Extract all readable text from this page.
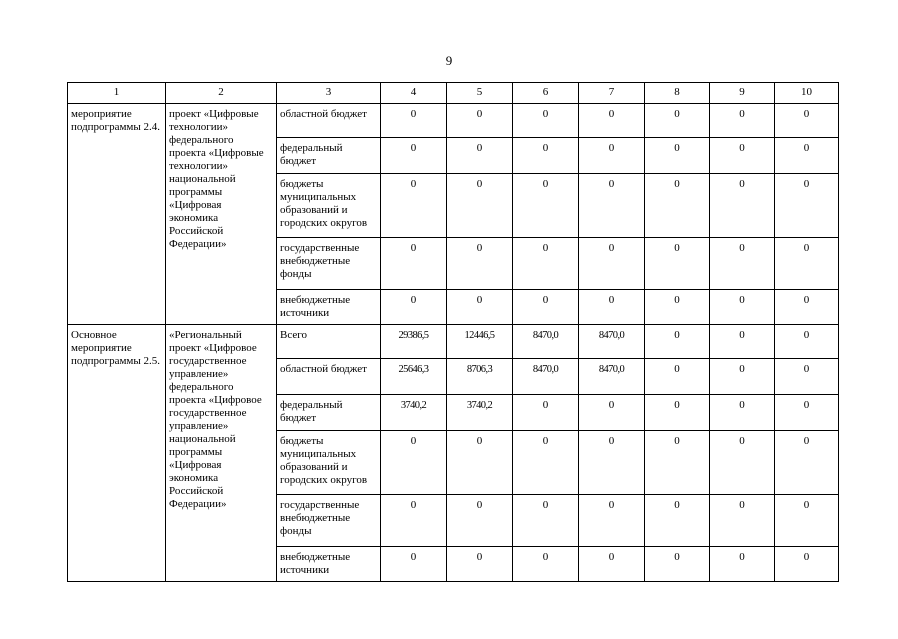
9
1	2	3	4	5	6	7	8	9	10
мероприятие подпрограммы 2.4.	проект «Цифровые технологии» федерального проекта «Цифровые технологии» национальной программы «Цифровая экономика Российской Федерации»	областной бюджет	0	0	0	0	0	0	0
		федеральный бюджет	0	0	0	0	0	0	0
		бюджеты муниципальных образований и городских округов	0	0	0	0	0	0	0
		государственные внебюджетные фонды	0	0	0	0	0	0	0
		внебюджетные источники	0	0	0	0	0	0	0
Основное мероприятие подпрограммы 2.5.	«Региональный проект «Цифровое государственное управление» федерального проекта «Цифровое государственное управление» национальной программы «Цифровая экономика Российской Федерации»	Всего	29386,5	12446,5	8470,0	8470,0	0	0	0
		областной бюджет	25646,3	8706,3	8470,0	8470,0	0	0	0
		федеральный бюджет	3740,2	3740,2	0	0	0	0	0
		бюджеты муниципальных образований и городских округов	0	0	0	0	0	0	0
		государственные внебюджетные фонды	0	0	0	0	0	0	0
		внебюджетные источники	0	0	0	0	0	0	0
